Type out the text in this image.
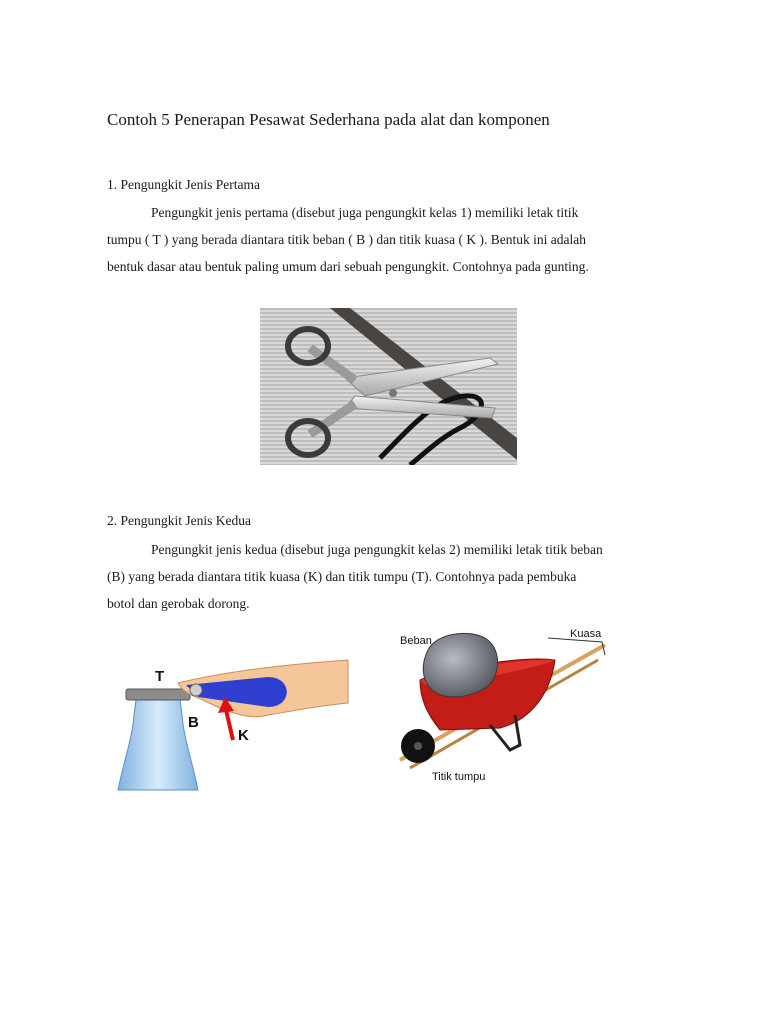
Contoh 5 Penerapan Pesawat Sederhana pada alat dan komponen
1. Pengungkit Jenis Pertama
Pengungkit jenis pertama (disebut juga pengungkit kelas 1) memiliki letak titik
tumpu ( T ) yang berada diantara titik beban ( B ) dan titik kuasa ( K ). Bentuk ini adalah
bentuk dasar atau bentuk paling umum dari sebuah pengungkit. Contohnya pada gunting.
2. Pengungkit Jenis Kedua
Pengungkit jenis kedua (disebut juga pengungkit kelas 2) memiliki letak titik beban
(B) yang berada diantara titik kuasa (K) dan titik tumpu (T). Contohnya pada pembuka
botol dan gerobak dorong.
T
B
K
Beban
Kuasa
Titik tumpu
